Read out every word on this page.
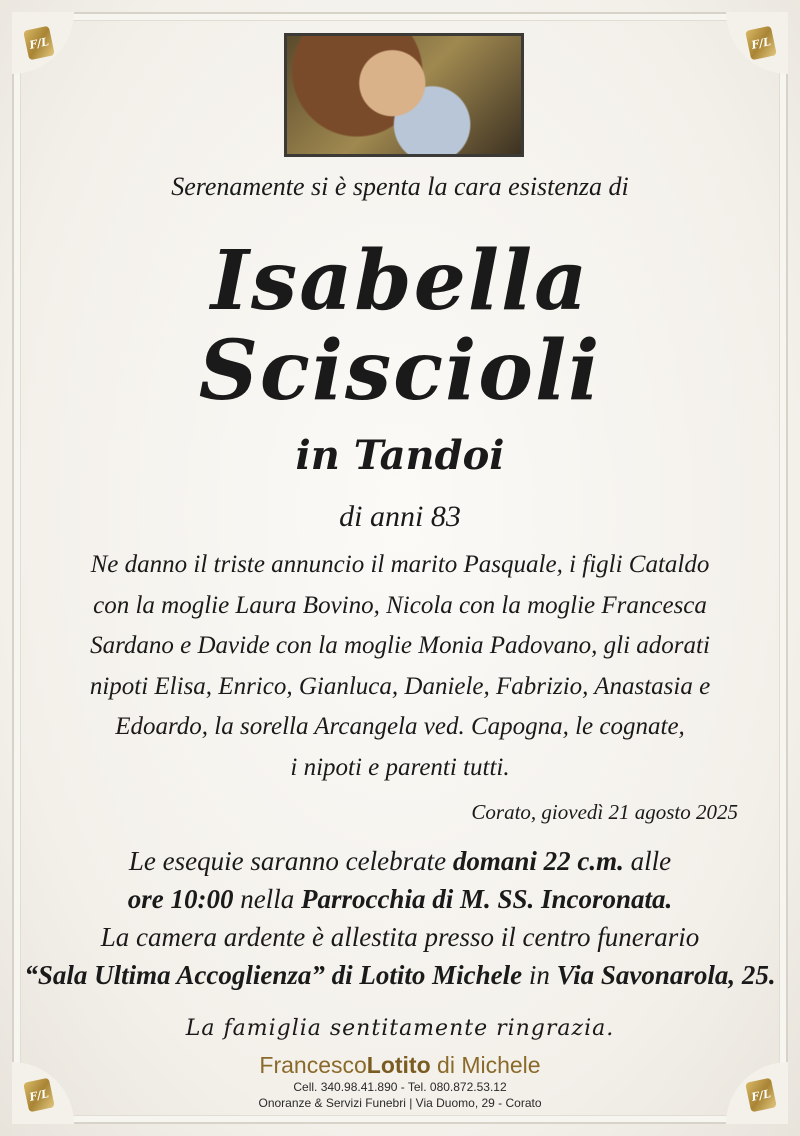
F/L	F/L
F/L	F/L
Serenamente si è spenta la cara esistenza di
Isabella
Sciscioli
in Tandoi
di anni 83
Ne danno il triste annuncio il marito Pasquale, i figli Cataldo
con la moglie Laura Bovino, Nicola con la moglie Francesca
Sardano e Davide con la moglie Monia Padovano, gli adorati
nipoti Elisa, Enrico, Gianluca, Daniele, Fabrizio, Anastasia e
Edoardo, la sorella Arcangela ved. Capogna, le cognate,
i nipoti e parenti tutti.
Corato, giovedì 21 agosto 2025
Le esequie saranno celebrate domani 22 c.m. alle
ore 10:00 nella Parrocchia di M. SS. Incoronata.
La camera ardente è allestita presso il centro funerario
“Sala Ultima Accoglienza” di Lotito Michele in Via Savonarola, 25.
La famiglia sentitamente ringrazia.
FrancescoLotito di Michele
Cell. 340.98.41.890 - Tel. 080.872.53.12
Onoranze & Servizi Funebri | Via Duomo, 29 - Corato
